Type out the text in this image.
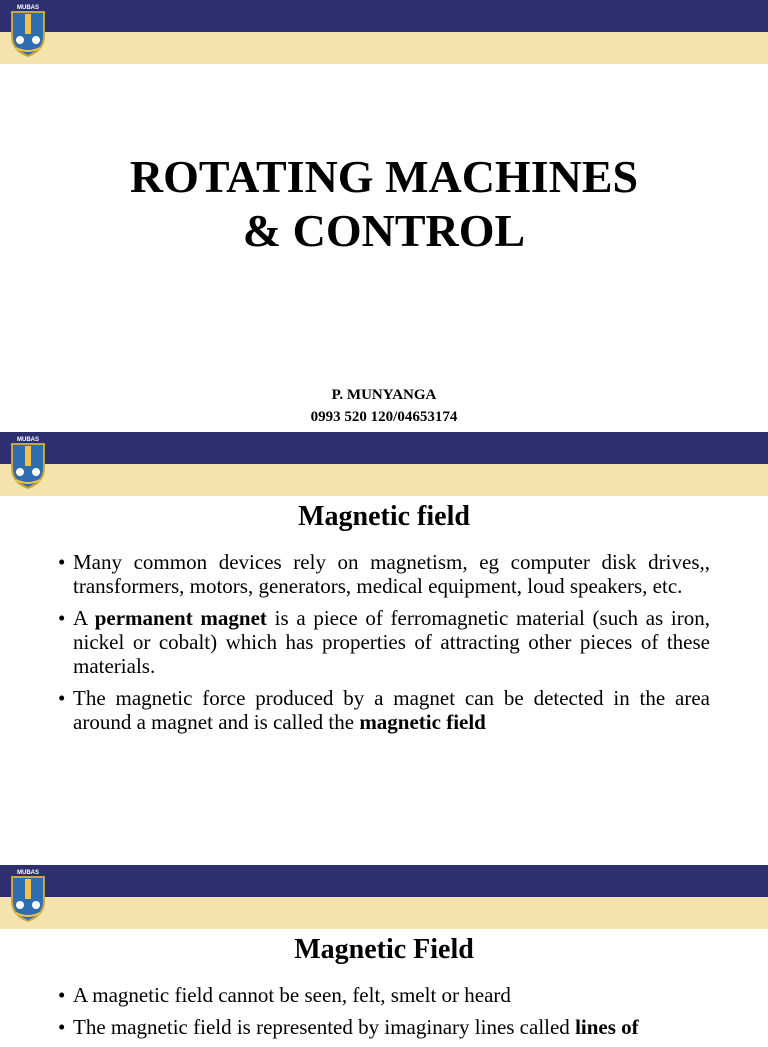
MUBAS
ROTATING MACHINES
& CONTROL
P. MUNYANGA
0993 520 120/04653174
MUBAS
Magnetic field
• Many common devices rely on magnetism, eg computer disk drives,, transformers, motors, generators, medical equipment, loud speakers, etc.
• A permanent magnet is a piece of ferromagnetic material (such as iron, nickel or cobalt) which has properties of attracting other pieces of these materials.
• The magnetic force produced by a magnet can be detected in the area around a magnet and is called the magnetic field
MUBAS
Magnetic Field
• A magnetic field cannot be seen, felt, smelt or heard
• The magnetic field is represented by imaginary lines called lines of
